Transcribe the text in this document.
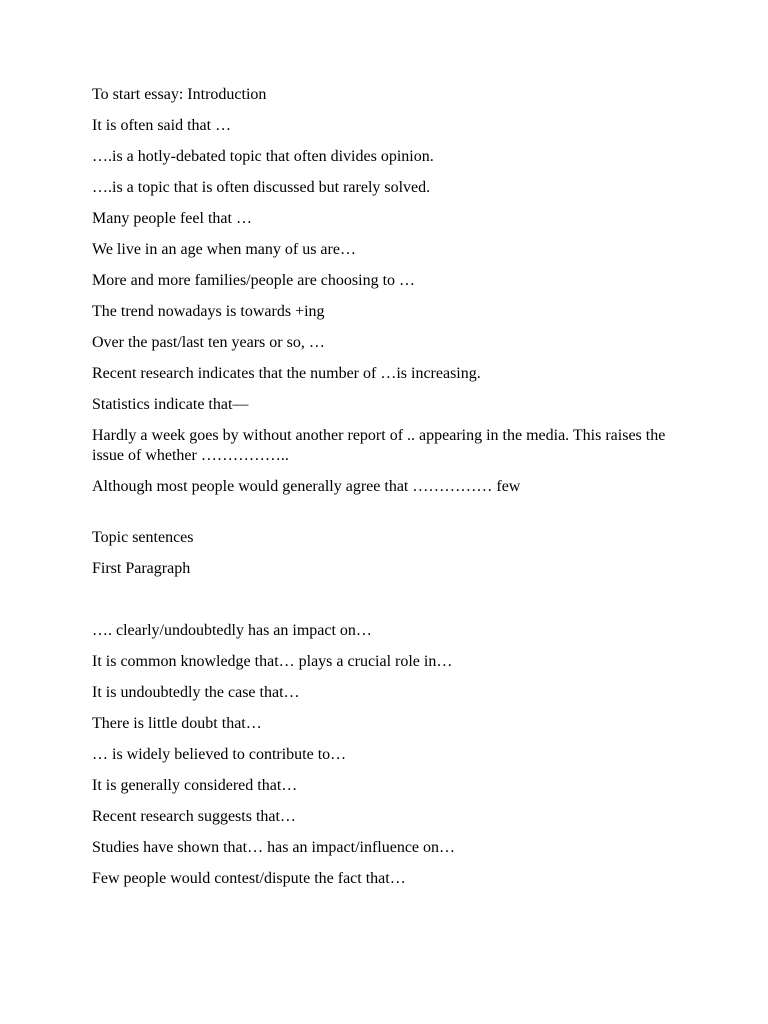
To start essay: Introduction

It is often said that …

….is a hotly-debated topic that often divides opinion.

….is a topic that is often discussed but rarely solved.

Many people feel that …

We live in an age when many of us are…

More and more families/people are choosing to …

The trend nowadays is towards +ing

Over the past/last ten years or so, …

Recent research indicates that the number of …is increasing.

Statistics indicate that—

Hardly a week goes by without another report of .. appearing in the media. This raises the issue of whether ……………..

Although most people would generally agree that …………… few

Topic sentences

First Paragraph

…. clearly/undoubtedly has an impact on…

It is common knowledge that… plays a crucial role in…

It is undoubtedly the case that…

There is little doubt that…

… is widely believed to contribute to…

It is generally considered that…

Recent research suggests that…

Studies have shown that… has an impact/influence on…

Few people would contest/dispute the fact that…
